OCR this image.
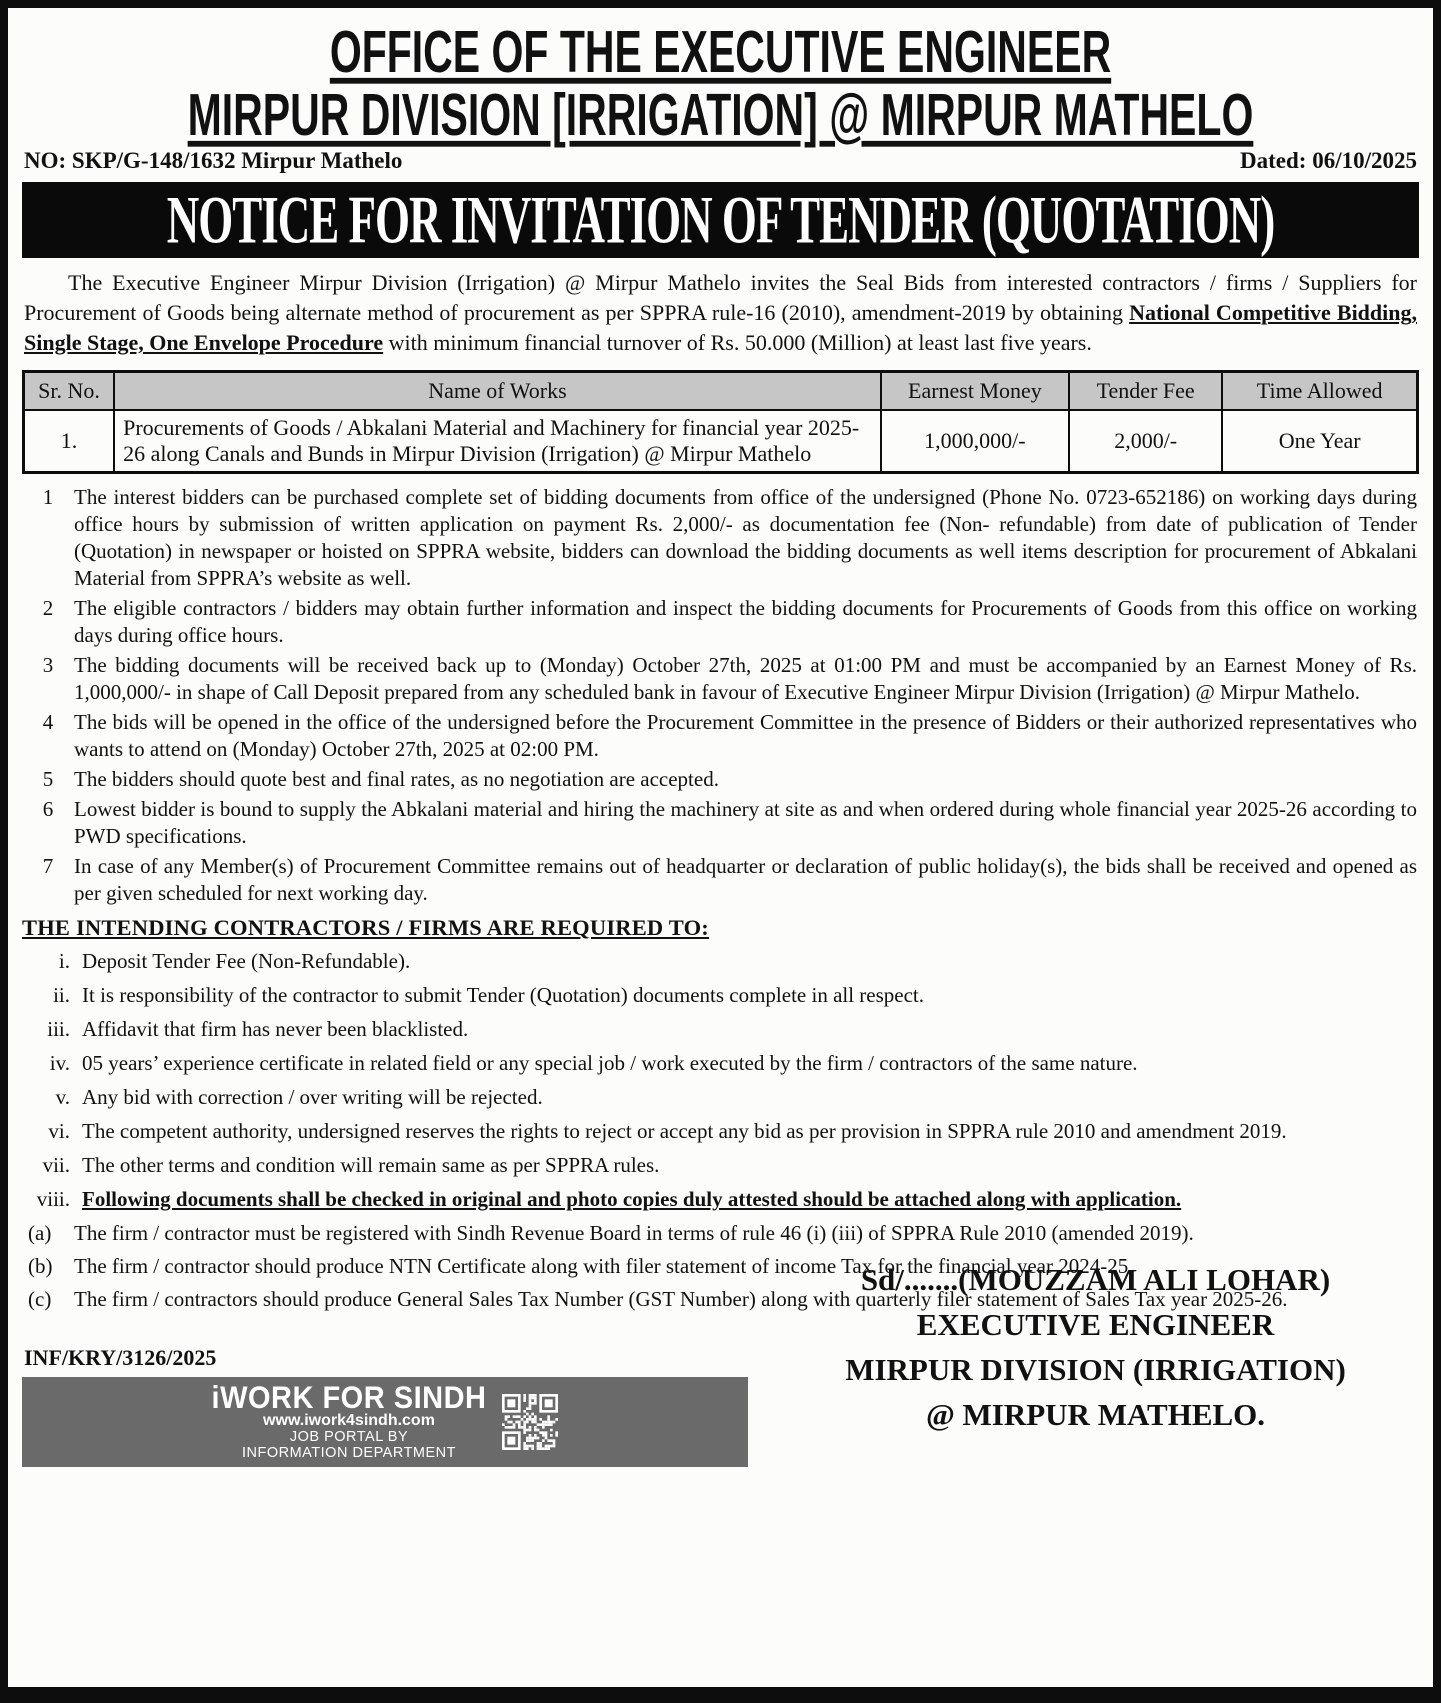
OFFICE OF THE EXECUTIVE ENGINEER
MIRPUR DIVISION [IRRIGATION] @ MIRPUR MATHELO
NO: SKP/G-148/1632 Mirpur Mathelo	Dated: 06/10/2025
NOTICE FOR INVITATION OF TENDER (QUOTATION)

The Executive Engineer Mirpur Division (Irrigation) @ Mirpur Mathelo invites the Seal Bids from interested contractors / firms / Suppliers for Procurement of Goods being alternate method of procurement as per SPPRA rule-16 (2010), amendment-2019 by obtaining National Competitive Bidding, Single Stage, One Envelope Procedure with minimum financial turnover of Rs. 50.000 (Million) at least last five years.

Sr. No.	Name of Works	Earnest Money	Tender Fee	Time Allowed
1.	Procurements of Goods / Abkalani Material and Machinery for financial year 2025-26 along Canals and Bunds in Mirpur Division (Irrigation) @ Mirpur Mathelo	1,000,000/-	2,000/-	One Year
1 The interest bidders can be purchased complete set of bidding documents from office of the undersigned (Phone No. 0723-652186) on working days during office hours by submission of written application on payment Rs. 2,000/- as documentation fee (Non- refundable) from date of publication of Tender (Quotation) in newspaper or hoisted on SPPRA website, bidders can download the bidding documents as well items description for procurement of Abkalani Material from SPPRA’s website as well.
2 The eligible contractors / bidders may obtain further information and inspect the bidding documents for Procurements of Goods from this office on working days during office hours.
3 The bidding documents will be received back up to (Monday) October 27th, 2025 at 01:00 PM and must be accompanied by an Earnest Money of Rs. 1,000,000/- in shape of Call Deposit prepared from any scheduled bank in favour of Executive Engineer Mirpur Division (Irrigation) @ Mirpur Mathelo.
4 The bids will be opened in the office of the undersigned before the Procurement Committee in the presence of Bidders or their authorized representatives who wants to attend on (Monday) October 27th, 2025 at 02:00 PM.
5 The bidders should quote best and final rates, as no negotiation are accepted.
6 Lowest bidder is bound to supply the Abkalani material and hiring the machinery at site as and when ordered during whole financial year 2025-26 according to PWD specifications.
7 In case of any Member(s) of Procurement Committee remains out of headquarter or declaration of public holiday(s), the bids shall be received and opened as per given scheduled for next working day.
THE INTENDING CONTRACTORS / FIRMS ARE REQUIRED TO:
i. Deposit Tender Fee (Non-Refundable).
ii. It is responsibility of the contractor to submit Tender (Quotation) documents complete in all respect.
iii. Affidavit that firm has never been blacklisted.
iv. 05 years’ experience certificate in related field or any special job / work executed by the firm / contractors of the same nature.
v. Any bid with correction / over writing will be rejected.
vi. The competent authority, undersigned reserves the rights to reject or accept any bid as per provision in SPPRA rule 2010 and amendment 2019.
vii. The other terms and condition will remain same as per SPPRA rules.
viii. Following documents shall be checked in original and photo copies duly attested should be attached along with application.
(a)	The firm / contractor must be registered with Sindh Revenue Board in terms of rule 46 (i) (iii) of SPPRA Rule 2010 (amended 2019).
(b)	The firm / contractor should produce NTN Certificate along with filer statement of income Tax for the financial year 2024-25.
(c)	The firm / contractors should produce General Sales Tax Number (GST Number) along with quarterly filer statement of Sales Tax year 2025-26.
INF/KRY/3126/2025
iWORK FOR SINDH
www.iwork4sindh.com
JOB PORTAL BY
INFORMATION DEPARTMENT
Sd/.......(MOUZZAM ALI LOHAR)
EXECUTIVE ENGINEER
MIRPUR DIVISION (IRRIGATION)
@ MIRPUR MATHELO.
